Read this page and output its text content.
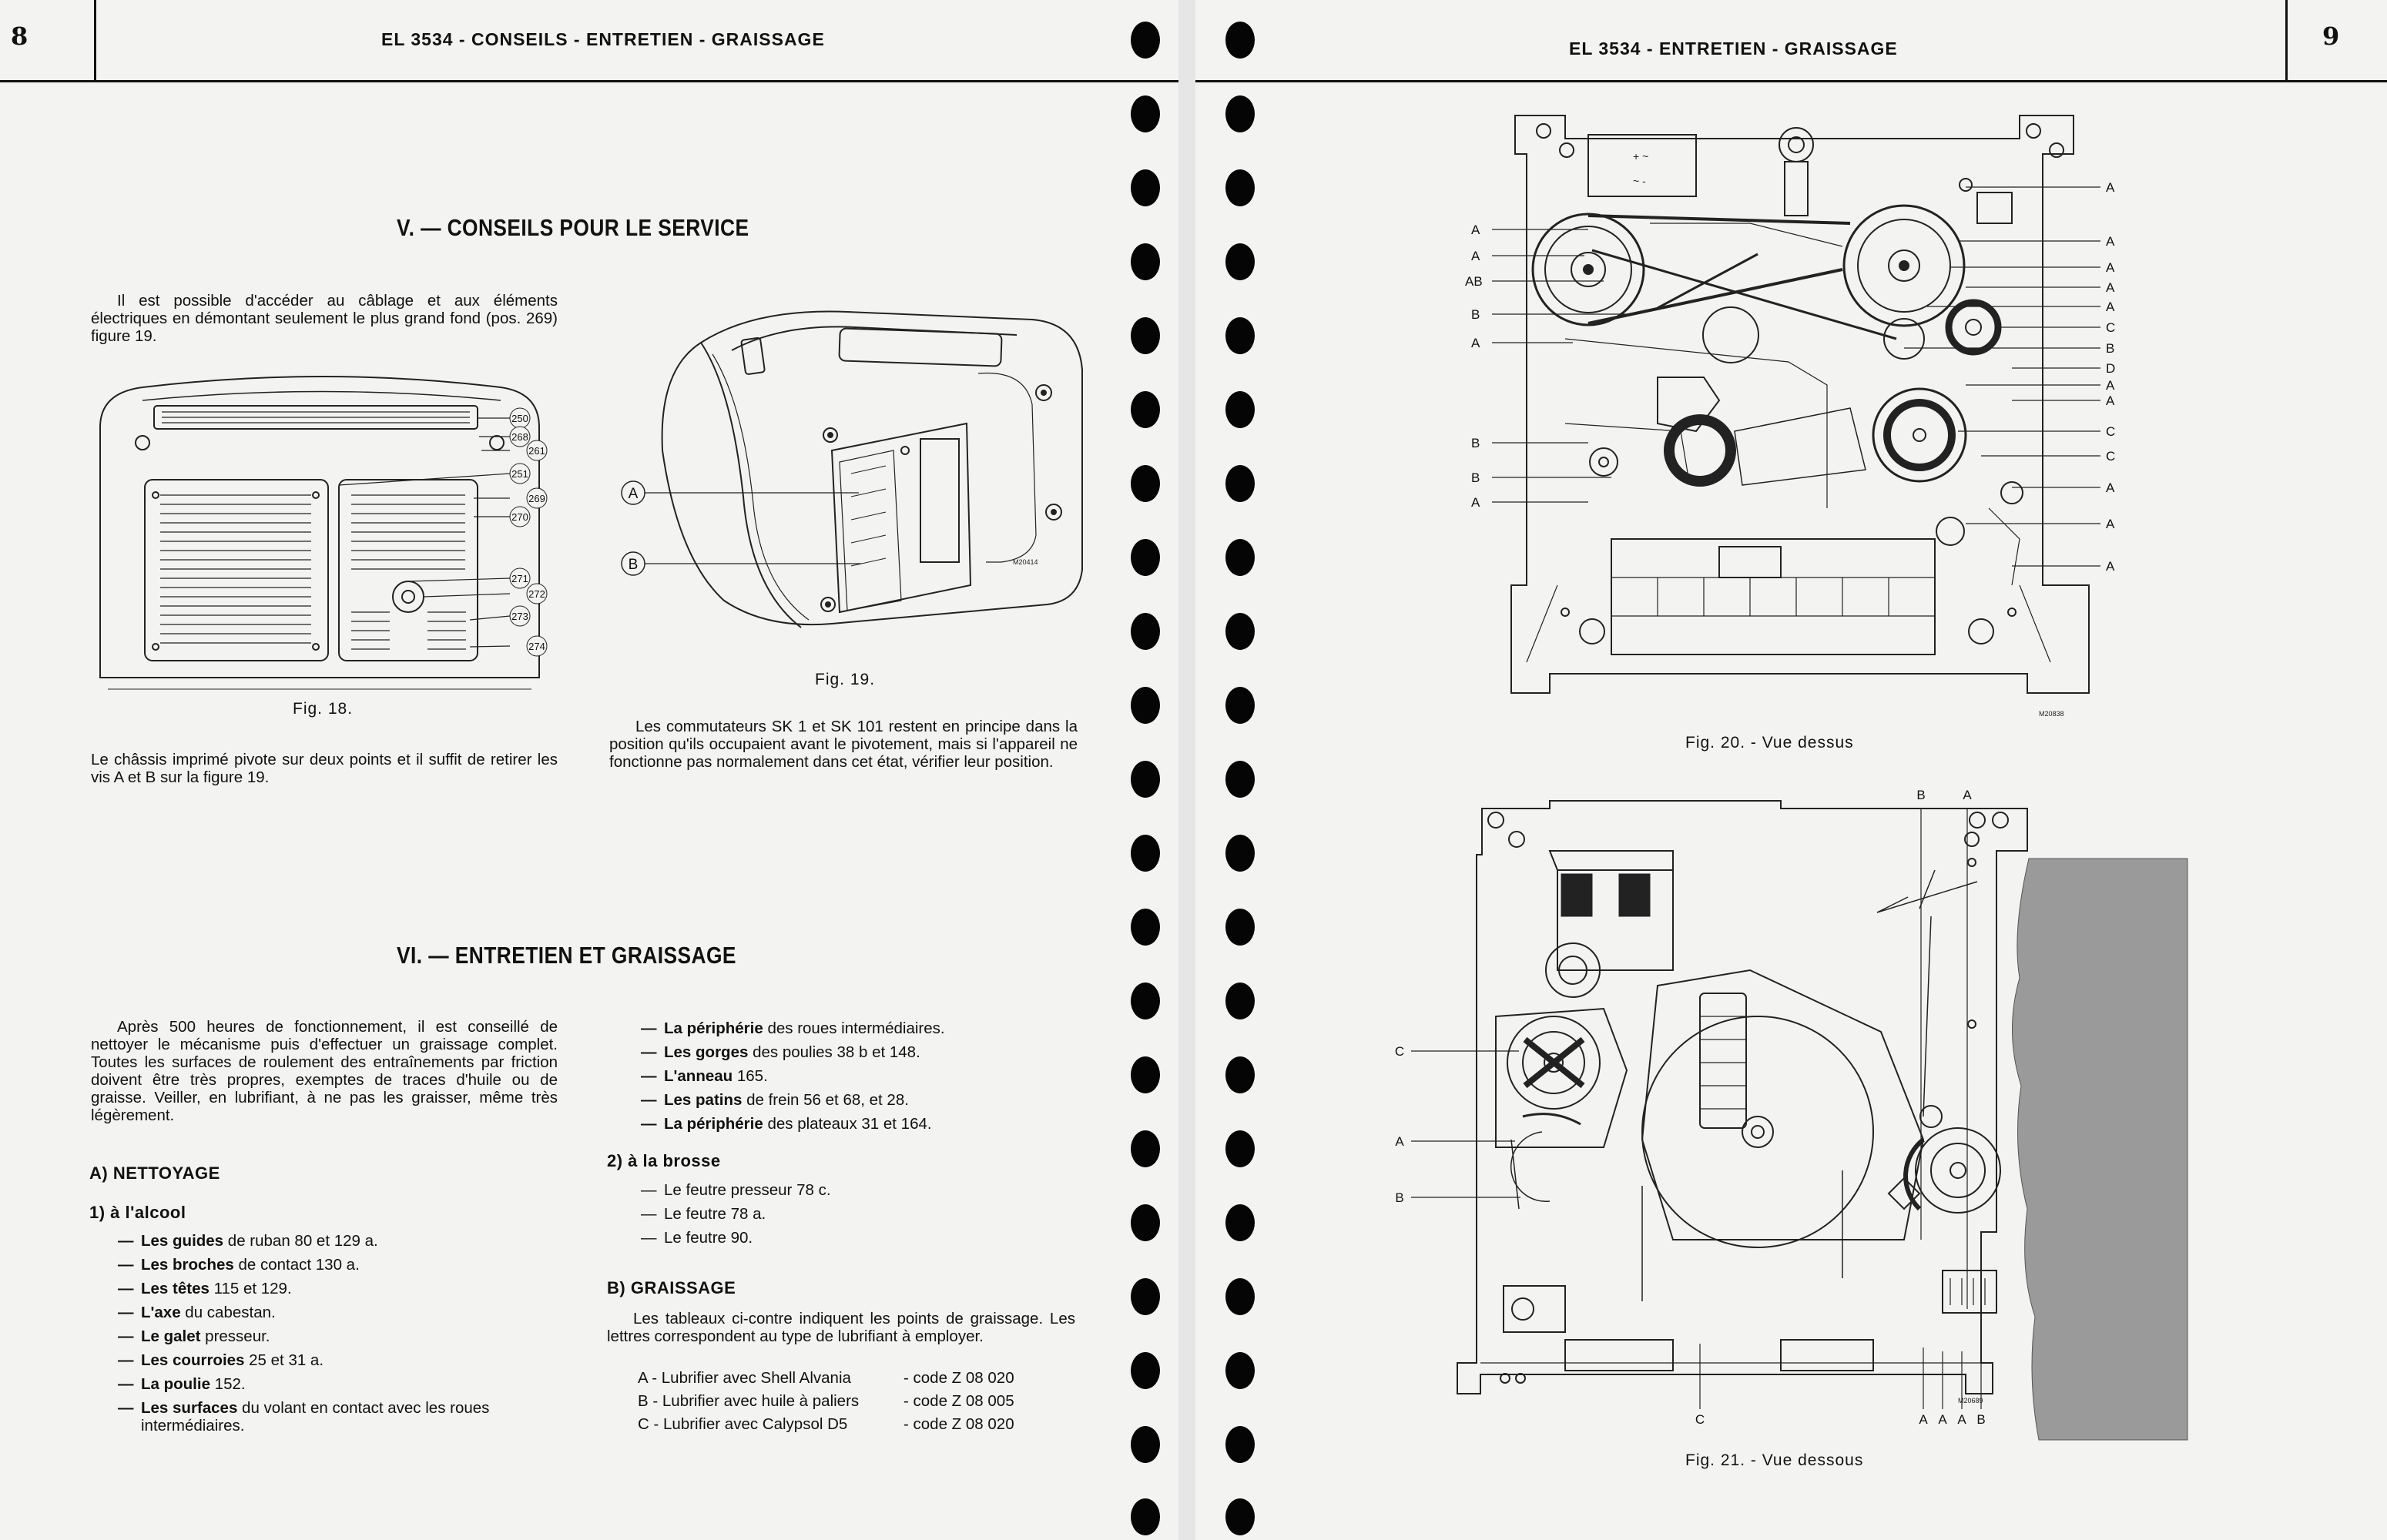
8	EL 3534 - CONSEILS - ENTRETIEN - GRAISSAGE
V. — CONSEILS POUR LE SERVICE
Il est possible d'accéder au câblage et aux éléments électriques en démontant seulement le plus grand fond (pos. 269) figure 19.
250
268
261
251
269
270
271
272
273
274
Fig. 18.
Le châssis imprimé pivote sur deux points et il suffit de retirer les vis A et B sur la figure 19.
A
B	M20414
Fig. 19.
Les commutateurs SK 1 et SK 101 restent en principe dans la position qu'ils occupaient avant le pivotement, mais si l'appareil ne fonctionne pas normalement dans cet état, vérifier leur position.
VI. — ENTRETIEN ET GRAISSAGE
Après 500 heures de fonctionnement, il est conseillé de nettoyer le mécanisme puis d'effectuer un graissage complet. Toutes les surfaces de roulement des entraînements par friction doivent être très propres, exemptes de traces d'huile ou de graisse. Veiller, en lubrifiant, à ne pas les graisser, même très légèrement.
A) NETTOYAGE
1) à l'alcool
— Les guides de ruban 80 et 129 a.
— Les broches de contact 130 a.
— Les têtes 115 et 129.
— L'axe du cabestan.
— Le galet presseur.
— Les courroies 25 et 31 a.
— La poulie 152.
— Les surfaces du volant en contact avec les roues intermédiaires.
— La périphérie des roues intermédiaires.
— Les gorges des poulies 38 b et 148.
— L'anneau 165.
— Les patins de frein 56 et 68, et 28.
— La périphérie des plateaux 31 et 164.
2) à la brosse
— Le feutre presseur 78 c.
— Le feutre 78 a.
— Le feutre 90.
B) GRAISSAGE
Les tableaux ci-contre indiquent les points de graissage. Les lettres correspondent au type de lubrifiant à employer.
A - Lubrifier avec Shell Alvania	- code Z 08 020
B - Lubrifier avec huile à paliers	- code Z 08 005
C - Lubrifier avec Calypsol D5	- code Z 08 020
9
EL 3534 - ENTRETIEN - GRAISSAGE
A
A
AB
B
A
B
B
A
A
A
A
A
A
C
B
D
A
A
C
C
A
A
A
+ ~
~ -
M20838
Fig. 20. - Vue dessus
B	A
C
A
B
C	A A A B
M20689
Fig. 21. - Vue dessous
